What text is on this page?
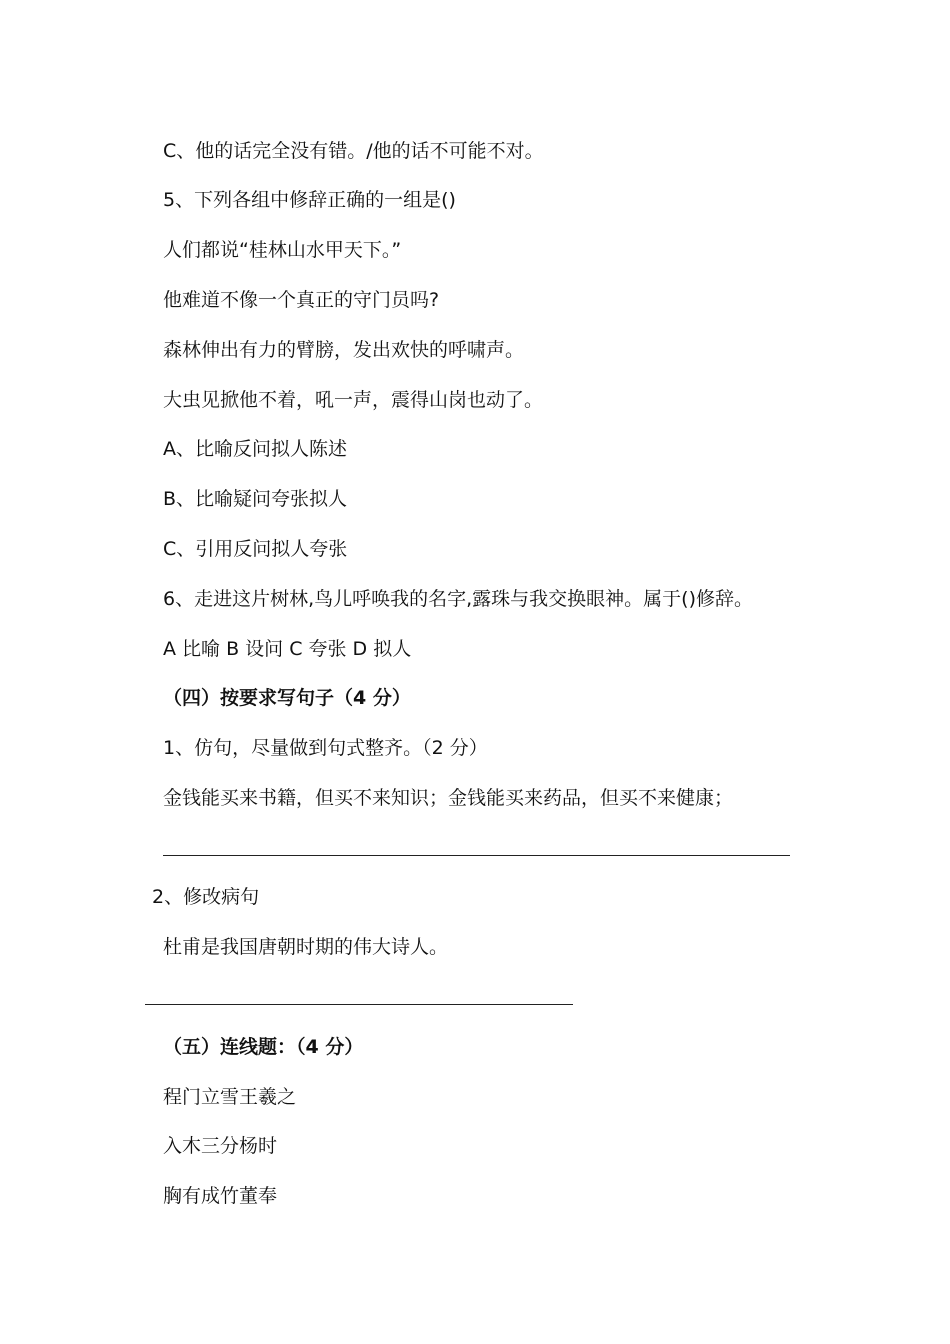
C、他的话完全没有错。/他的话不可能不对。
5、下列各组中修辞正确的一组是()
人们都说“桂林山水甲天下。”
他难道不像一个真正的守门员吗?
森林伸出有力的臂膀，发出欢快的呼啸声。
大虫见掀他不着，吼一声，震得山岗也动了。
A、比喻反问拟人陈述
B、比喻疑问夸张拟人
C、引用反问拟人夸张
6、走进这片树林,鸟儿呼唤我的名字,露珠与我交换眼神。属于()修辞。
A 比喻 B 设问 C 夸张 D 拟人
（四）按要求写句子（4 分）
1、仿句，尽量做到句式整齐。（2 分）
金钱能买来书籍，但买不来知识；金钱能买来药品，但买不来健康；
2、修改病句
杜甫是我国唐朝时期的伟大诗人。
（五）连线题：（4 分）
程门立雪王羲之
入木三分杨时
胸有成竹董奉
